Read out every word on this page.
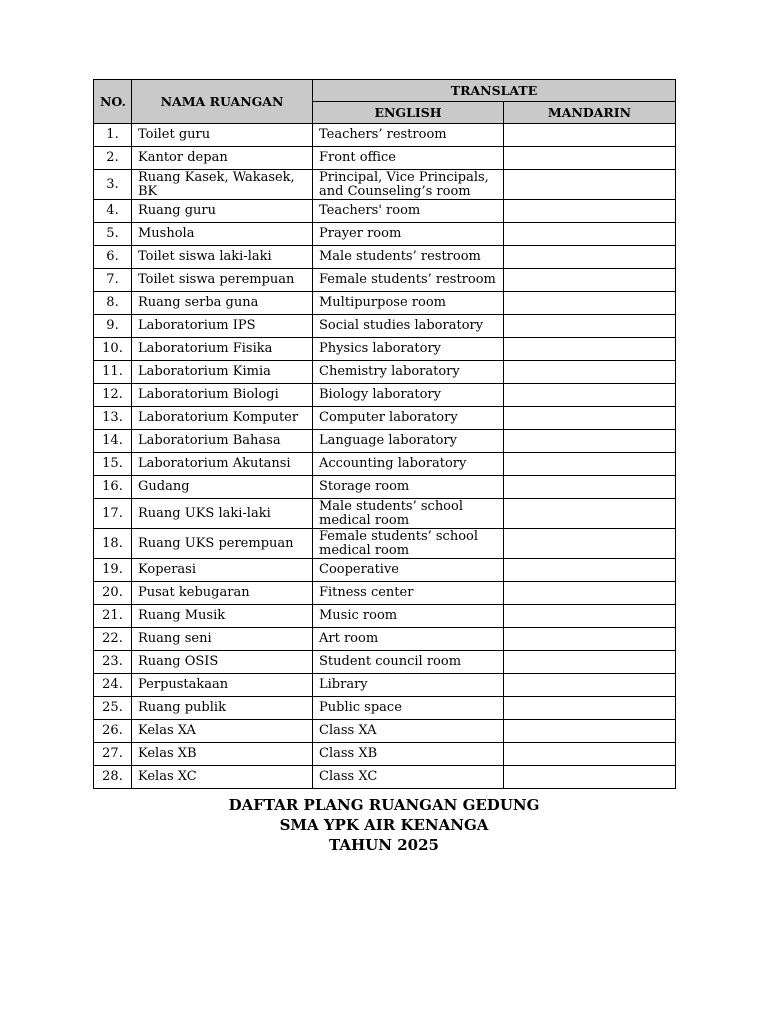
NO.	NAMA RUANGAN	TRANSLATE	
		ENGLISH	MANDARIN
1.	Toilet guru	Teachers’ restroom	
2.	Kantor depan	Front office	
3.	Ruang Kasek, Wakasek, BK	Principal, Vice Principals, and Counseling’s room	
4.	Ruang guru	Teachers' room	
5.	Mushola	Prayer room	
6.	Toilet siswa laki-laki	Male students’ restroom	
7.	Toilet siswa perempuan	Female students’ restroom	
8.	Ruang serba guna	Multipurpose room	
9.	Laboratorium IPS	Social studies laboratory	
10.	Laboratorium Fisika	Physics laboratory	
11.	Laboratorium Kimia	Chemistry laboratory	
12.	Laboratorium Biologi	Biology laboratory	
13.	Laboratorium Komputer	Computer laboratory	
14.	Laboratorium Bahasa	Language laboratory	
15.	Laboratorium Akutansi	Accounting laboratory	
16.	Gudang	Storage room	
17.	Ruang UKS laki-laki	Male students’ school medical room	
18.	Ruang UKS perempuan	Female students’ school medical room	
19.	Koperasi	Cooperative	
20.	Pusat kebugaran	Fitness center	
21.	Ruang Musik	Music room	
22.	Ruang seni	Art room	
23.	Ruang OSIS	Student council room	
24.	Perpustakaan	Library	
25.	Ruang publik	Public space	
26.	Kelas XA	Class XA	
27.	Kelas XB	Class XB	
28.	Kelas XC	Class XC	
DAFTAR PLANG RUANGAN GEDUNG
SMA YPK AIR KENANGA
TAHUN 2025
